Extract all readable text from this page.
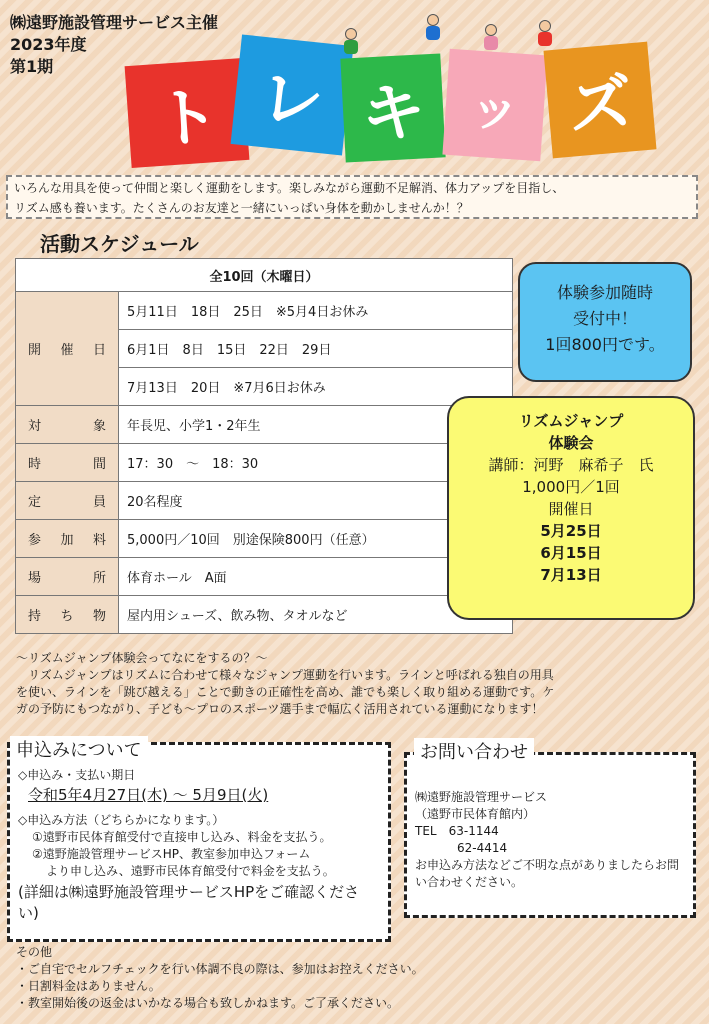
㈱遠野施設管理サービス主催
2023年度
第1期
ト レ キ ッ ズ
いろんな用具を使って仲間と楽しく運動をします。楽しみながら運動不足解消、体力アップを目指し、
リズム感も養います。たくさんのお友達と一緒にいっぱい身体を動かしませんか！？
活動スケジュール
全10回（木曜日）	
開 催 日	5月11日　18日　25日　※5月4日お休み
	6月1日　8日　15日　22日　29日
	7月13日　20日　※7月6日お休み
対　象	年長児、小学1・2年生
時　間	17：30　～　18：30
定　員	20名程度
参 加 料	5,000円／10回　別途保険800円（任意）
場　所	体育ホール　A面
持 ち 物	屋内用シューズ、飲み物、タオルなど
体験参加随時
受付中！
1回800円です。
リズムジャンプ
体験会
講師：河野　麻希子　氏
1,000円／1回
開催日
5月25日
6月15日
7月13日
～リズムジャンプ体験会ってなにをするの？～
　リズムジャンプはリズムに合わせて様々なジャンプ運動を行います。ラインと呼ばれる独自の用具
を使い、ラインを「跳び越える」ことで動きの正確性を高め、誰でも楽しく取り組める運動です。ケ
ガの予防にもつながり、子ども～プロのスポーツ選手まで幅広く活用されている運動になります！
◇申込み・支払い期日
令和5年4月27日(木) ～ 5月9日(火)
◇申込み方法（どちらかになります。）
①遠野市民体育館受付で直接申し込み、料金を支払う。
②遠野施設管理サービスHP、教室参加申込フォーム
より申し込み、遠野市民体育館受付で料金を支払う。
(詳細は㈱遠野施設管理サービスHPをご確認ください)
申込みについて
㈱遠野施設管理サービス
（遠野市民体育館内）
TEL　63-1144
62-4414
お申込み方法などご不明な点がありましたらお問い合わせください。
お問い合わせ
その他
・ご自宅でセルフチェックを行い体調不良の際は、参加はお控えください。
・日割料金はありません。
・教室開始後の返金はいかなる場合も致しかねます。ご了承ください。
